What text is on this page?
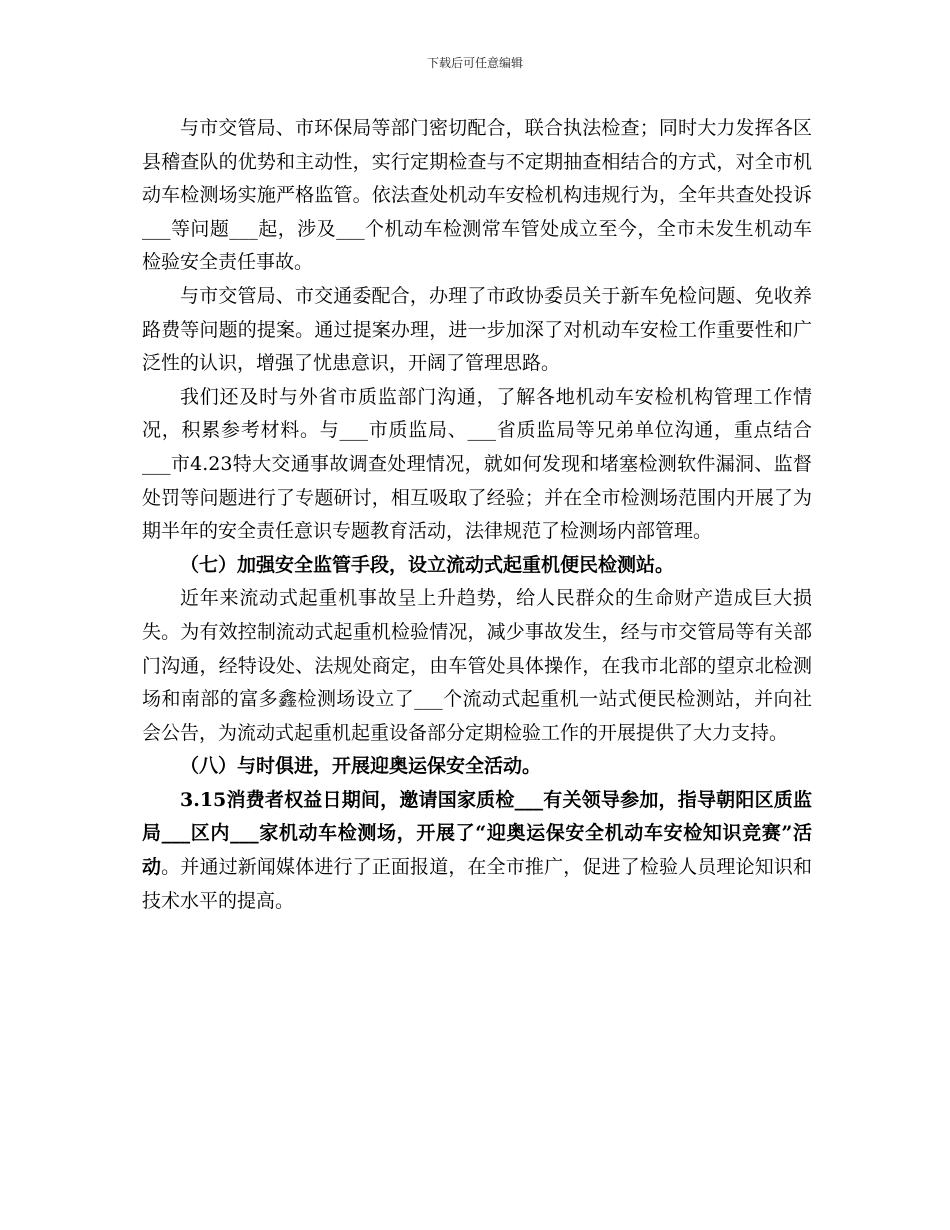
下载后可任意编辑

与市交管局、市环保局等部门密切配合，联合执法检查；同时大力发挥各区县稽查队的优势和主动性，实行定期检查与不定期抽查相结合的方式，对全市机动车检测场实施严格监管。依法查处机动车安检机构违规行为，全年共查处投诉___等问题___起，涉及___个机动车检测常车管处成立至今，全市未发生机动车检验安全责任事故。

与市交管局、市交通委配合，办理了市政协委员关于新车免检问题、免收养路费等问题的提案。通过提案办理，进一步加深了对机动车安检工作重要性和广泛性的认识，增强了忧患意识，开阔了管理思路。

我们还及时与外省市质监部门沟通，了解各地机动车安检机构管理工作情况，积累参考材料。与___市质监局、___省质监局等兄弟单位沟通，重点结合___市4.23特大交通事故调查处理情况，就如何发现和堵塞检测软件漏洞、监督处罚等问题进行了专题研讨，相互吸取了经验；并在全市检测场范围内开展了为期半年的安全责任意识专题教育活动，法律规范了检测场内部管理。

（七）加强安全监管手段，设立流动式起重机便民检测站。

近年来流动式起重机事故呈上升趋势，给人民群众的生命财产造成巨大损失。为有效控制流动式起重机检验情况，减少事故发生，经与市交管局等有关部门沟通，经特设处、法规处商定，由车管处具体操作，在我市北部的望京北检测场和南部的富多鑫检测场设立了___个流动式起重机一站式便民检测站，并向社会公告，为流动式起重机起重设备部分定期检验工作的开展提供了大力支持。

（八）与时俱进，开展迎奥运保安全活动。

3.15消费者权益日期间，邀请国家质检___有关领导参加，指导朝阳区质监局___区内___家机动车检测场，开展了“迎奥运保安全机动车安检知识竞赛”活动。并通过新闻媒体进行了正面报道，在全市推广，促进了检验人员理论知识和技术水平的提高。
